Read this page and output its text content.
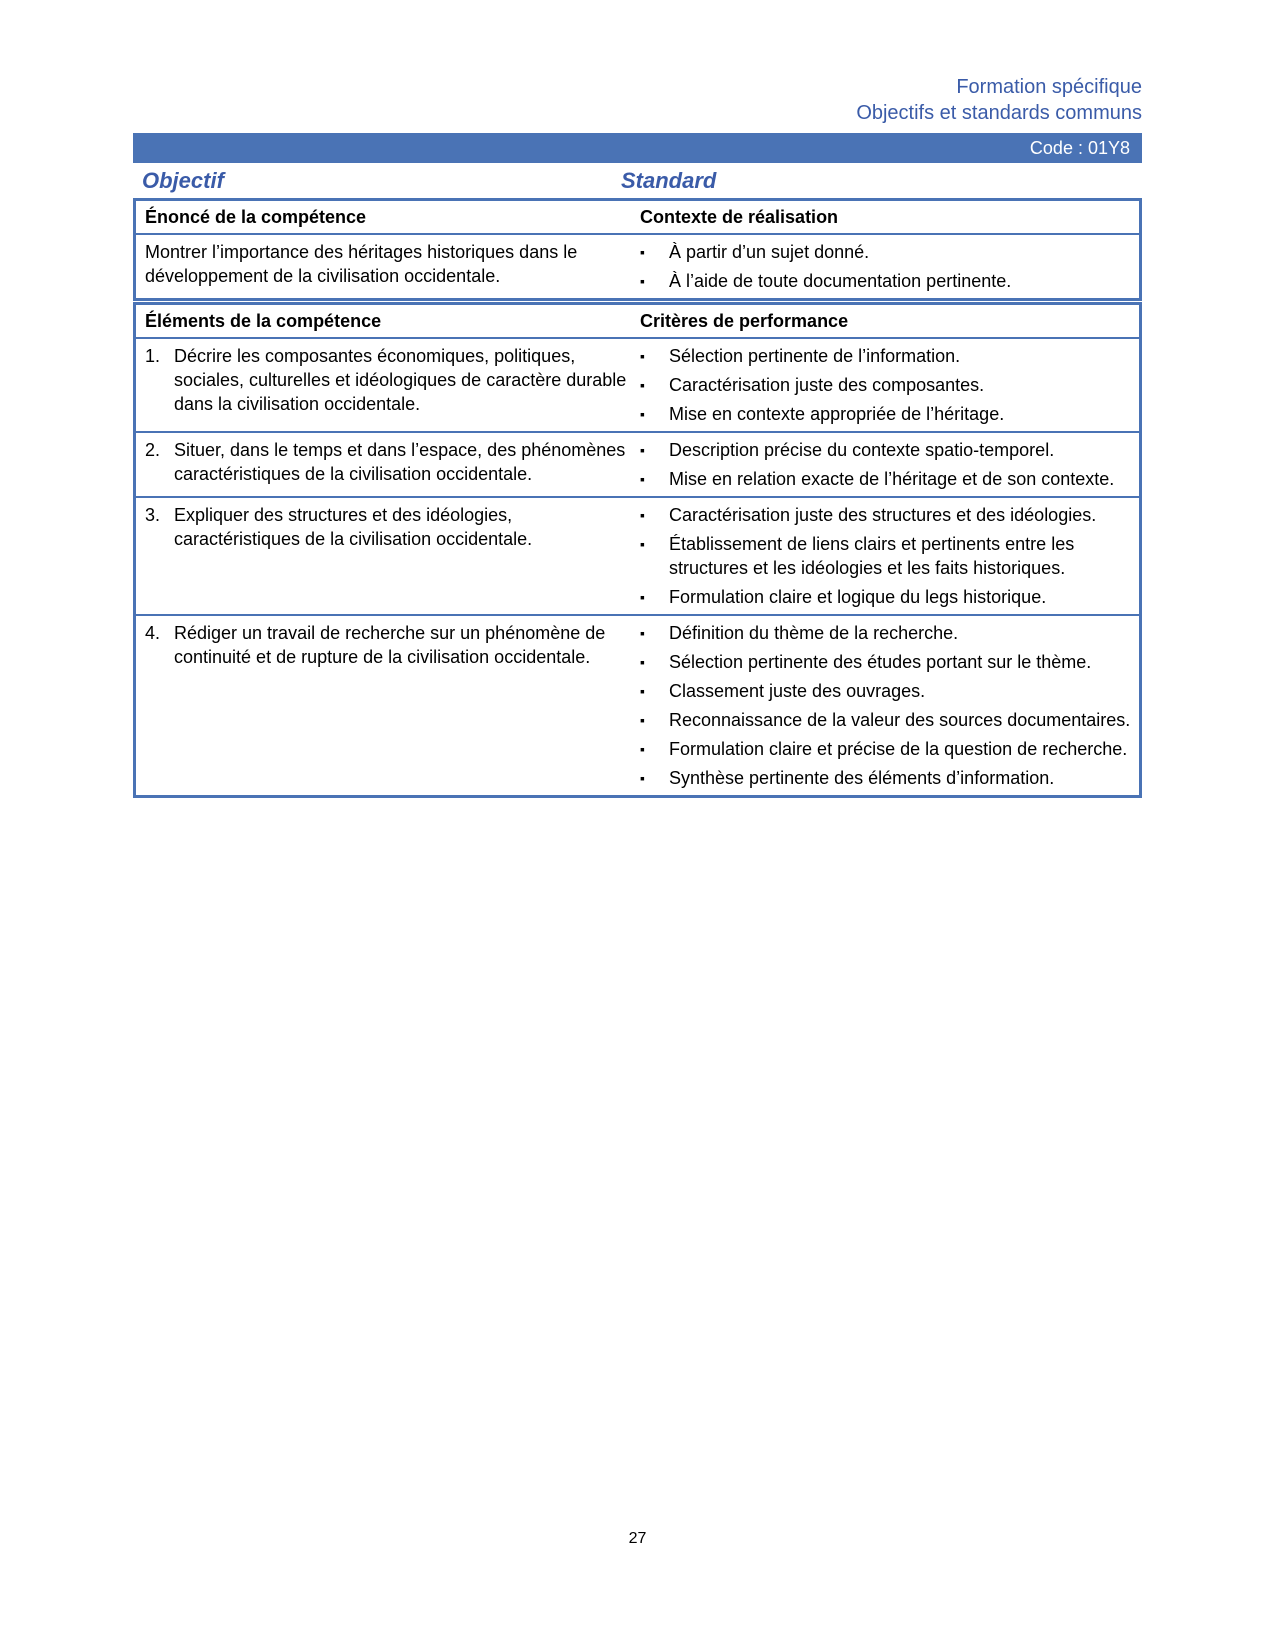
Formation spécifique
Objectifs et standards communs
Code : 01Y8
Objectif	Standard
Énoncé de la compétence	Contexte de réalisation
Montrer l’importance des héritages historiques dans le développement de la civilisation occidentale.
▪	À partir d’un sujet donné.
▪	À l’aide de toute documentation pertinente.
Éléments de la compétence	Critères de performance
1. Décrire les composantes économiques, politiques, sociales, culturelles et idéologiques de caractère durable dans la civilisation occidentale.
▪	Sélection pertinente de l’information.
▪	Caractérisation juste des composantes.
▪	Mise en contexte appropriée de l’héritage.
2. Situer, dans le temps et dans l’espace, des phénomènes caractéristiques de la civilisation occidentale.
▪	Description précise du contexte spatio-temporel.
▪	Mise en relation exacte de l’héritage et de son contexte.
3. Expliquer des structures et des idéologies, caractéristiques de la civilisation occidentale.
▪	Caractérisation juste des structures et des idéologies.
▪	Établissement de liens clairs et pertinents entre les structures et les idéologies et les faits historiques.
▪	Formulation claire et logique du legs historique.
4. Rédiger un travail de recherche sur un phénomène de continuité et de rupture de la civilisation occidentale.
▪	Définition du thème de la recherche.
▪	Sélection pertinente des études portant sur le thème.
▪	Classement juste des ouvrages.
▪	Reconnaissance de la valeur des sources documentaires.
▪	Formulation claire et précise de la question de recherche.
▪	Synthèse pertinente des éléments d’information.
27
